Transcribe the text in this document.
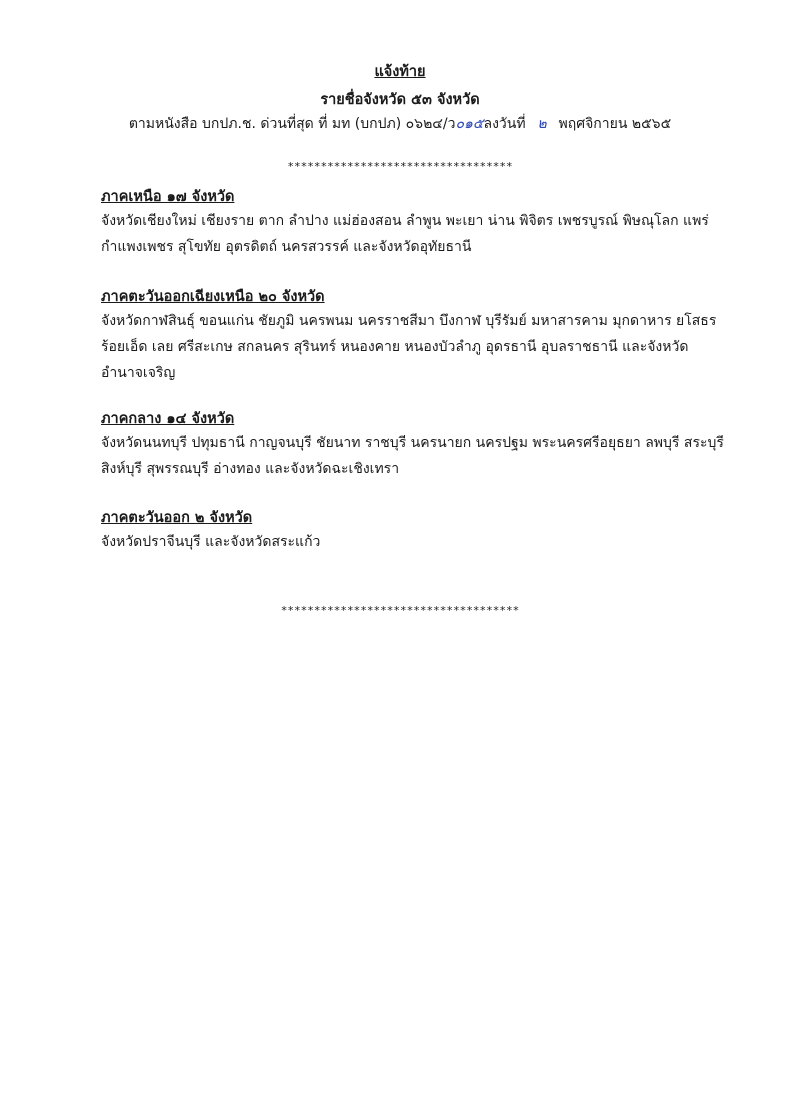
แจ้งท้าย
รายชื่อจังหวัด ๕๓ จังหวัด
ตามหนังสือ บกปภ.ช. ด่วนที่สุด ที่ มท (บกปภ) ๐๖๒๔/ว๐๑๕ลงวันที่ ๒ พฤศจิกายน ๒๕๖๕
**********************************
ภาคเหนือ ๑๗ จังหวัด
จังหวัดเชียงใหม่ เชียงราย ตาก ลำปาง แม่ฮ่องสอน ลำพูน พะเยา น่าน พิจิตร เพชรบูรณ์ พิษณุโลก แพร่
กำแพงเพชร สุโขทัย อุตรดิตถ์ นครสวรรค์ และจังหวัดอุทัยธานี
ภาคตะวันออกเฉียงเหนือ ๒๐ จังหวัด
จังหวัดกาฬสินธุ์ ขอนแก่น ชัยภูมิ นครพนม นครราชสีมา บึงกาฬ บุรีรัมย์ มหาสารคาม มุกดาหาร ยโสธร
ร้อยเอ็ด เลย ศรีสะเกษ สกลนคร สุรินทร์ หนองคาย หนองบัวลำภู อุดรธานี อุบลราชธานี และจังหวัด
อำนาจเจริญ
ภาคกลาง ๑๔ จังหวัด
จังหวัดนนทบุรี ปทุมธานี กาญจนบุรี ชัยนาท ราชบุรี นครนายก นครปฐม พระนครศรีอยุธยา ลพบุรี สระบุรี
สิงห์บุรี สุพรรณบุรี อ่างทอง และจังหวัดฉะเชิงเทรา
ภาคตะวันออก ๒ จังหวัด
จังหวัดปราจีนบุรี และจังหวัดสระแก้ว
************************************
